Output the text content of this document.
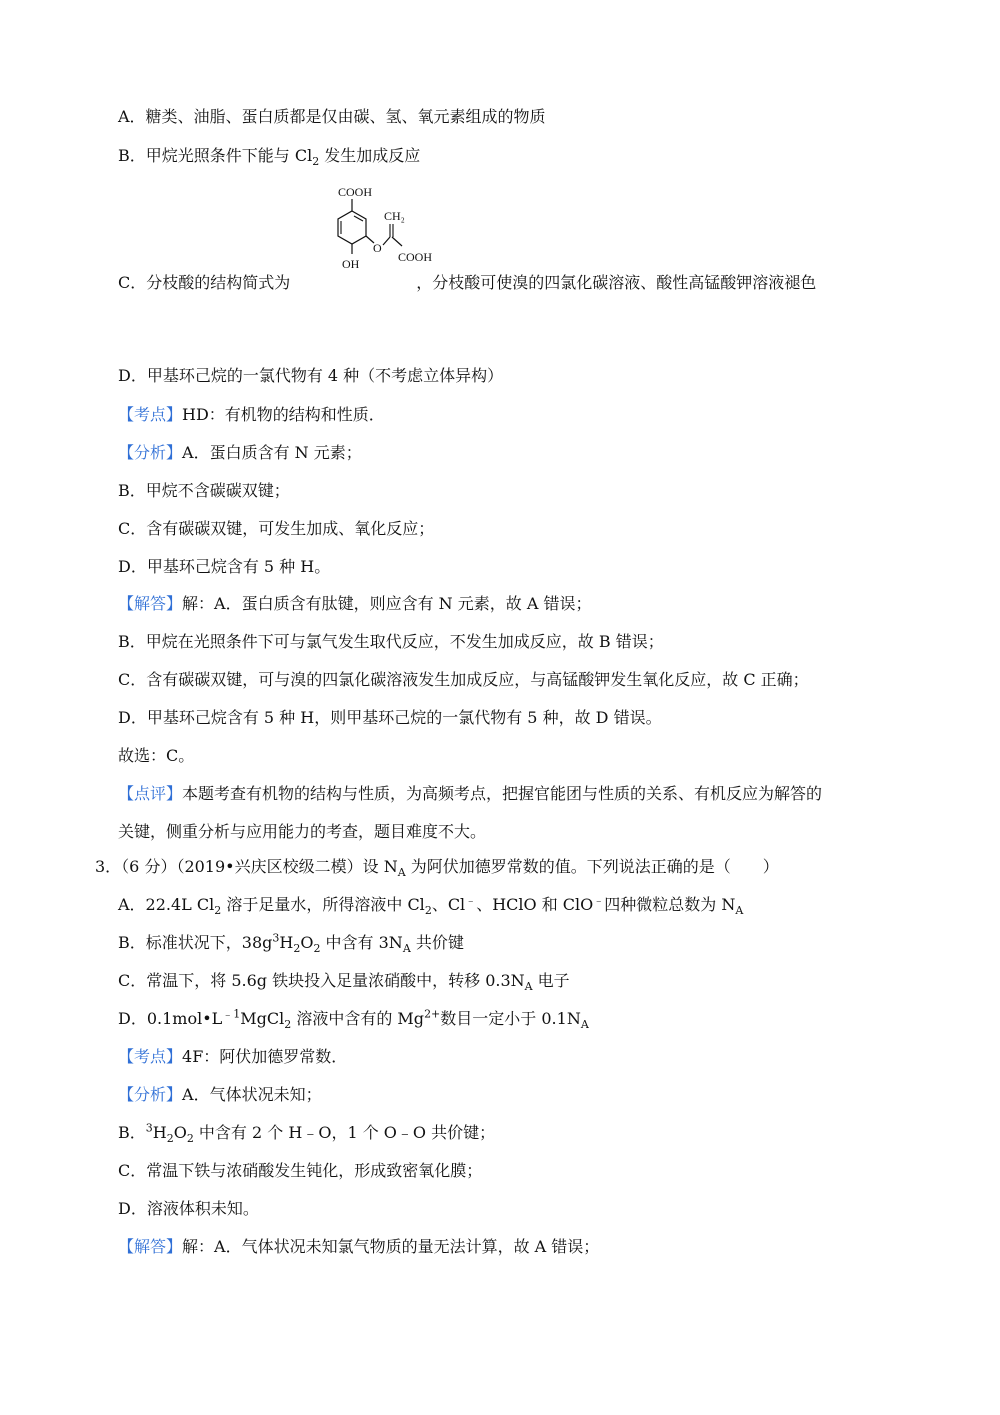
A．糖类、油脂、蛋白质都是仅由碳、氢、氧元素组成的物质
B．甲烷光照条件下能与 $Cl_2$ 发生加成反应
C．分枝酸的结构简式为	，分枝酸可使溴的四氯化碳溶液、酸性高锰酸钾溶液褪色
COOH
OH
O
CH₂
COOH
D．甲基环己烷的一氯代物有 4 种（不考虑立体异构）
【考点】HD：有机物的结构和性质．
【分析】A．蛋白质含有 N 元素；
B．甲烷不含碳碳双键；
C．含有碳碳双键，可发生加成、氧化反应；
D．甲基环己烷含有 5 种 H。
【解答】解：A．蛋白质含有肽键，则应含有 N 元素，故 A 错误；
B．甲烷在光照条件下可与氯气发生取代反应，不发生加成反应，故 B 错误；
C．含有碳碳双键，可与溴的四氯化碳溶液发生加成反应，与高锰酸钾发生氧化反应，故 C 正确；
D．甲基环己烷含有 5 种 H，则甲基环己烷的一氯代物有 5 种，故 D 错误。
故选：C。
【点评】本题考查有机物的结构与性质，为高频考点，把握官能团与性质的关系、有机反应为解答的
关键，侧重分析与应用能力的考查，题目难度不大。
3．（6 分）（2019•兴庆区校级二模）设 $N_A$ 为阿伏加德罗常数的值。下列说法正确的是（　　）
A．22.4L $Cl_2$ 溶于足量水，所得溶液中 $Cl_2$、Cl﹣、HClO 和 ClO﹣四种微粒总数为 $N_A$
B．标准状况下，$38g^3H_2O_2$ 中含有 $3N_A$ 共价键
C．常温下，将 5.6g 铁块投入足量浓硝酸中，转移 $0.3N_A$ 电子
D．$0.1mol•L^{﹣1}MgCl_2$ 溶液中含有的 $Mg^{2+}$数目一定小于 $0.1N_A$
【考点】4F：阿伏加德罗常数．
【分析】A．气体状况未知；
B．$^3H_2O_2$ 中含有 2 个 H﹣O，1 个 O﹣O 共价键；
C．常温下铁与浓硝酸发生钝化，形成致密氧化膜；
D．溶液体积未知。
【解答】解：A．气体状况未知氯气物质的量无法计算，故 A 错误；
